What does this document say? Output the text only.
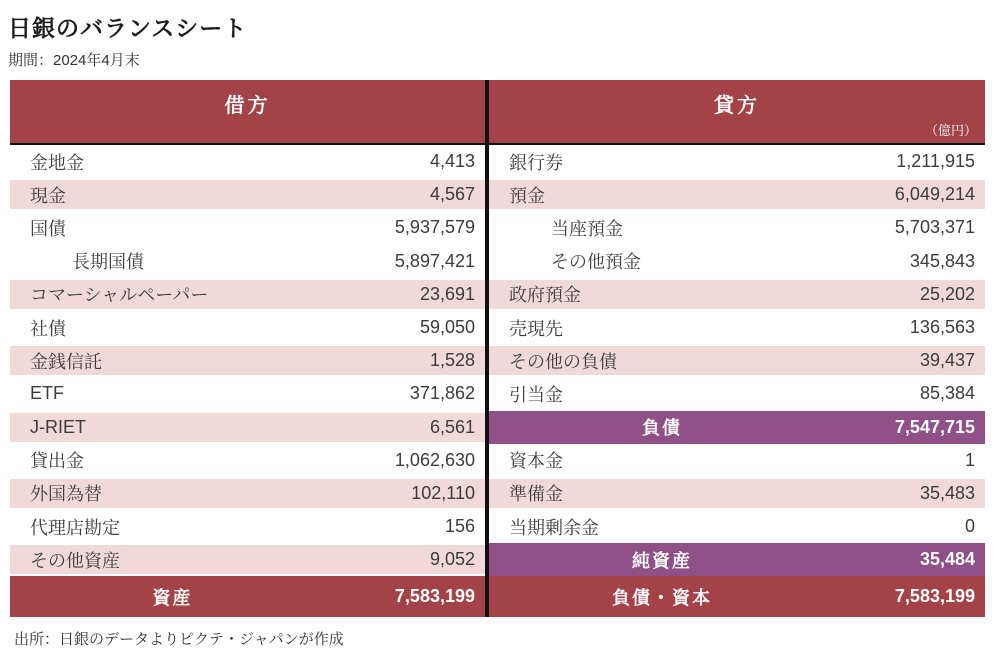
日銀のバランスシート
期間：2024年4月末
借方
金地金	4,413
現金	4,567
国債	5,937,579
長期国債	5,897,421
コマーシャルペーパー	23,691
社債	59,050
金銭信託	1,528
ETF	371,862
J-RIET	6,561
貸出金	1,062,630
外国為替	102,110
代理店勘定	156
その他資産	9,052
資産	7,583,199
貸方
（億円）
銀行券	1,211,915
預金	6,049,214
当座預金	5,703,371
その他預金	345,843
政府預金	25,202
売現先	136,563
その他の負債	39,437
引当金	85,384
負債	7,547,715
資本金	1
準備金	35,483
当期剰余金	0
純資産	35,484
負債・資本	7,583,199
出所：日銀のデータよりピクテ・ジャパンが作成
